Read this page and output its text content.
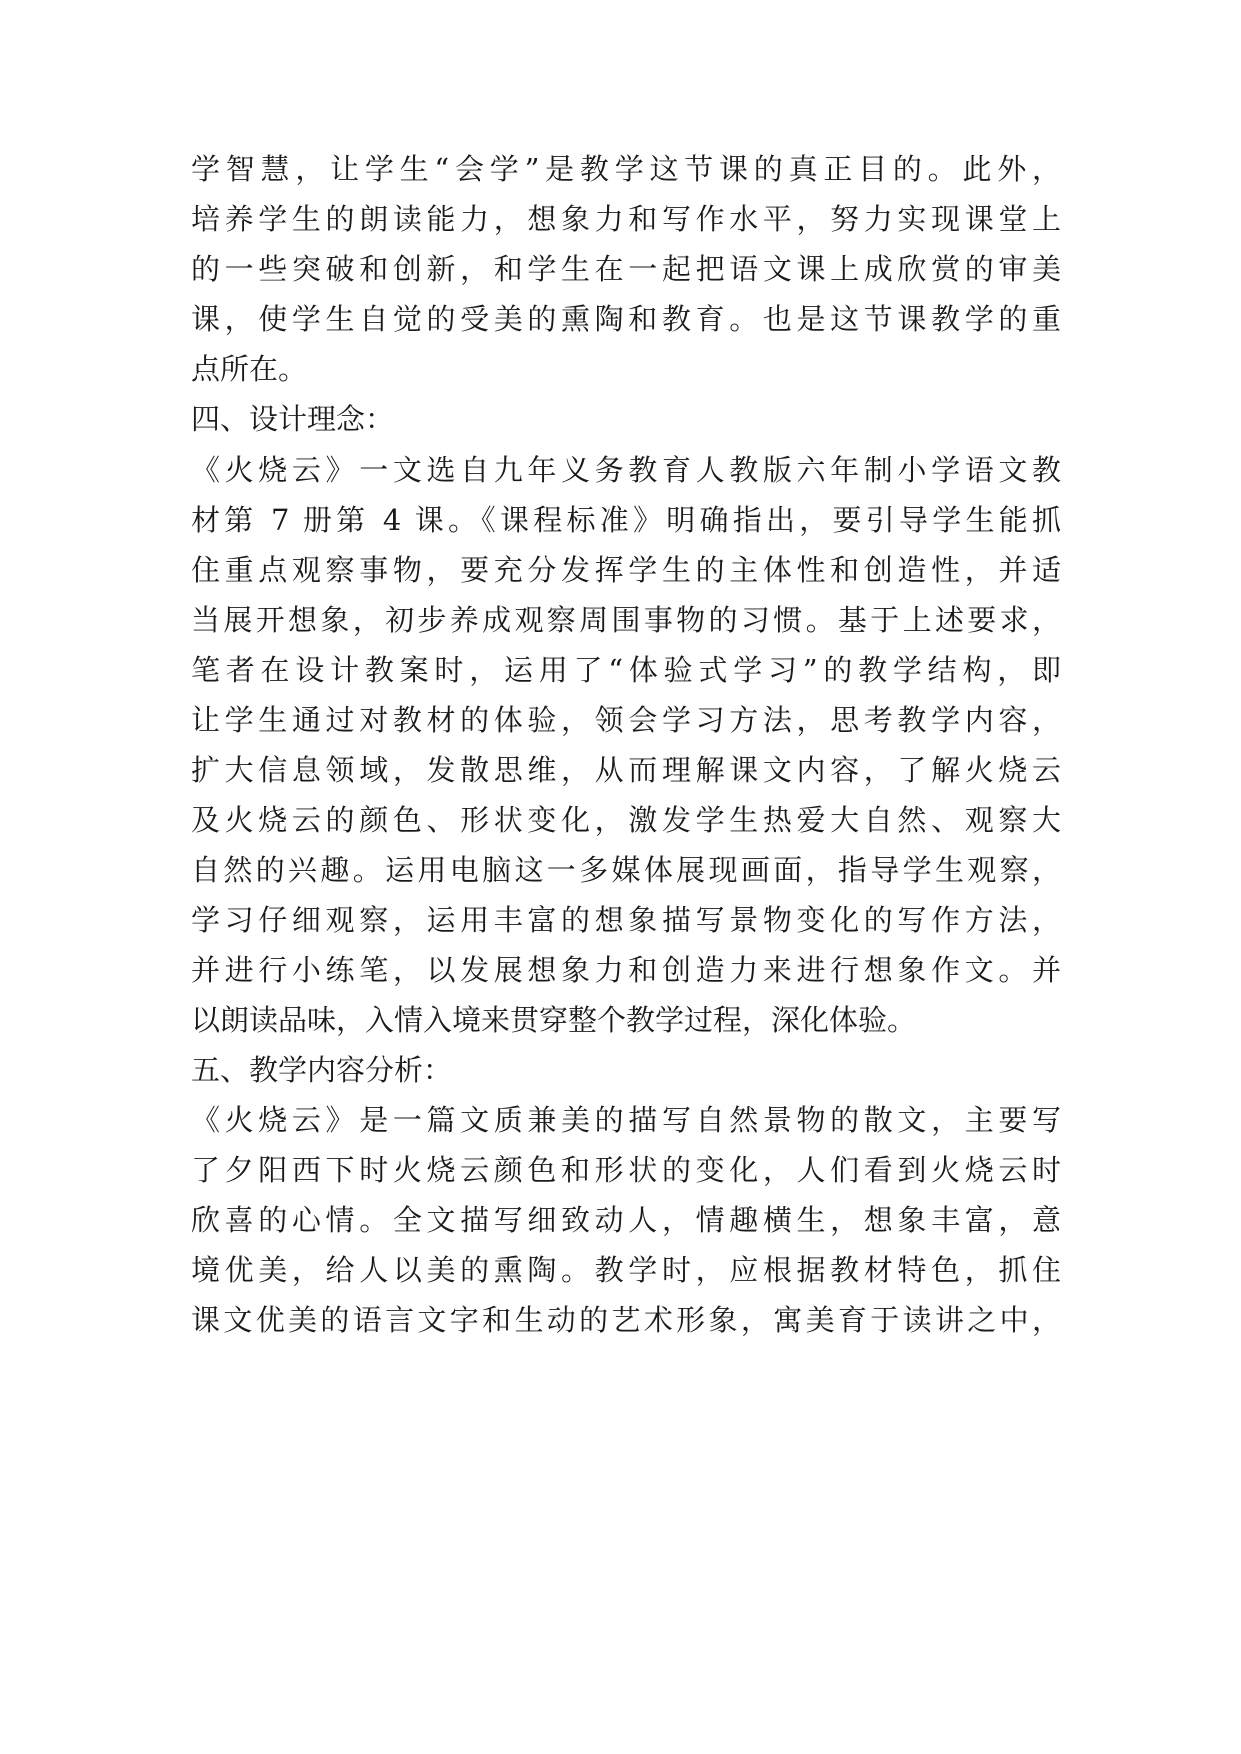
学智慧，让学生“会学”是教学这节课的真正目的。此外，
培养学生的朗读能力，想象力和写作水平，努力实现课堂上
的一些突破和创新，和学生在一起把语文课上成欣赏的审美
课，使学生自觉的受美的熏陶和教育。也是这节课教学的重
点所在。
四、设计理念：
《火烧云》一文选自九年义务教育人教版六年制小学语文教
材第 7 册第 4 课。《课程标准》明确指出，要引导学生能抓
住重点观察事物，要充分发挥学生的主体性和创造性，并适
当展开想象，初步养成观察周围事物的习惯。基于上述要求，
笔者在设计教案时，运用了“体验式学习”的教学结构，即
让学生通过对教材的体验，领会学习方法，思考教学内容，
扩大信息领域，发散思维，从而理解课文内容，了解火烧云
及火烧云的颜色、形状变化，激发学生热爱大自然、观察大
自然的兴趣。运用电脑这一多媒体展现画面，指导学生观察，
学习仔细观察，运用丰富的想象描写景物变化的写作方法，
并进行小练笔，以发展想象力和创造力来进行想象作文。并
以朗读品味，入情入境来贯穿整个教学过程，深化体验。
五、教学内容分析：
《火烧云》是一篇文质兼美的描写自然景物的散文，主要写
了夕阳西下时火烧云颜色和形状的变化，人们看到火烧云时
欣喜的心情。全文描写细致动人，情趣横生，想象丰富，意
境优美，给人以美的熏陶。教学时，应根据教材特色，抓住
课文优美的语言文字和生动的艺术形象，寓美育于读讲之中，
